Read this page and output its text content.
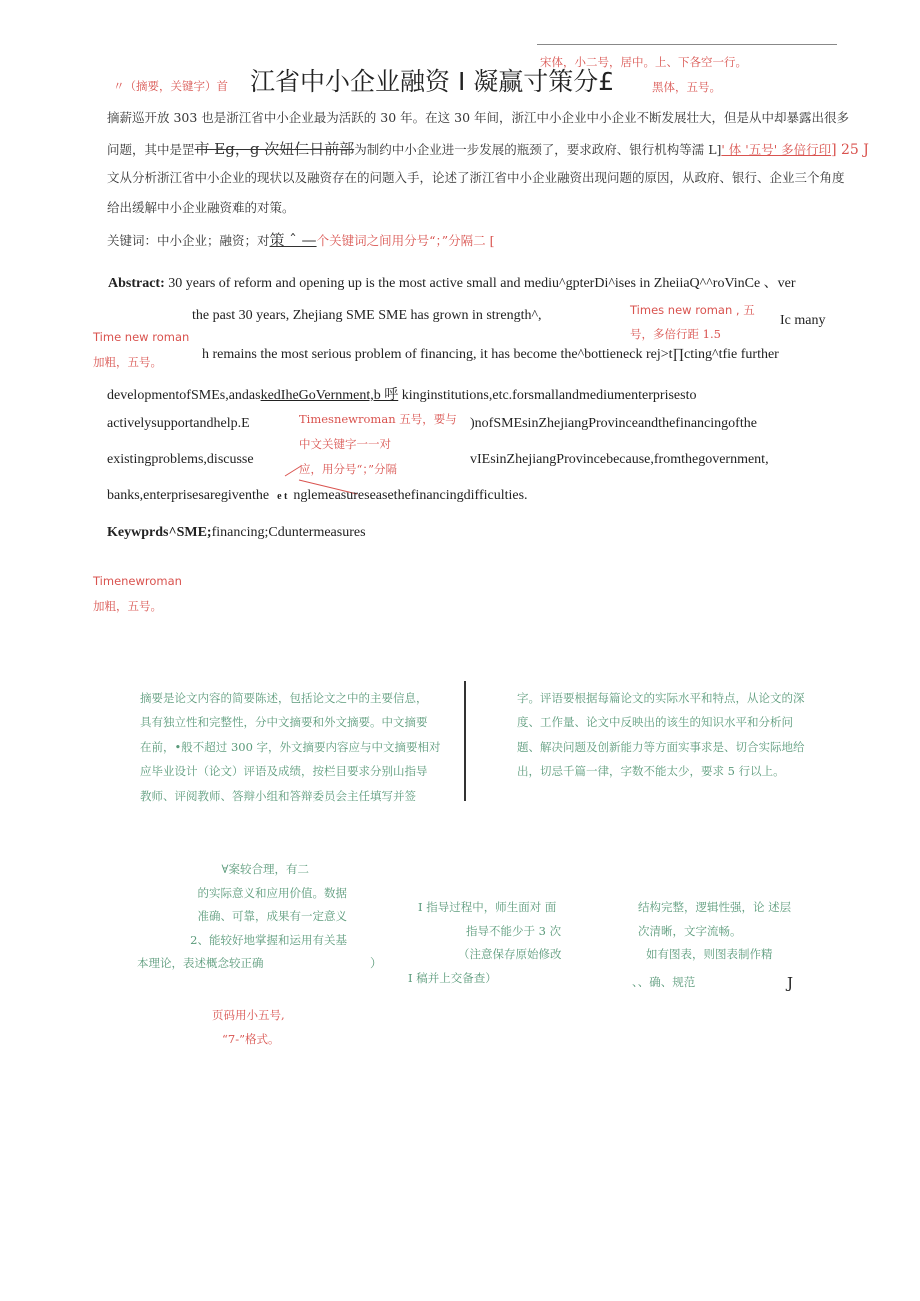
宋体，小二号，居中。上、下各空一行。
〃（摘要，关键字）首 江省中小企业融资 I 凝赢寸策分£	黑体，五号。
摘薪巡开放 303 也是浙江省中小企业最为活跃的 30 年。在这 30 年间，浙江中小企业中小企业不断发展壮大，但是从中却暴露出很多
问题，其中是罡市 Eg，g 次妞仁日前部为制约中小企业进一步发展的瓶颈了，要求政府、银行机构等濡 L]' 体 '五号' 多倍行印] 25 J
文从分析浙江省中小企业的现状以及融资存在的问题入手，论述了浙江省中小企业融资出现问题的原因，从政府、银行、企业三个角度
给出缓解中小企业融资难的对策。
关键词：中小企业；融资；对策 ˆ —个关键词之间用分号“；”分隔二 [
Abstract: 30 years of reform and opening up is the most active small and mediu^gpterDi^ises in ZheiiaQ^^roVinCe 、ver
the past 30 years, Zhejiang SME SME has grown in strength^,	Times new roman , 五
号，多倍行距 1.5
Ic many
Time new roman
加粗，五号。	h remains the most serious problem of financing, it has become the^bottieneck rej>t∏cting^tfie further
developmentofSMEs,andaskedIheGoVernment,b 呼 kinginstitutions,etc.forsmallandmediumenterprisesto
activelysupportandhelp.E	Timesnewroman 五号，要与
中文关键字一一对
应，用分号“；”分隔
)nofSMEsinZhejiangProvinceandthefinancingofthe
existingproblems,discusse	vIEsinZhejiangProvincebecause,fromthegovernment,
banks,enterprisesaregiventhe e t nglemeasureseasethefinancingdifficulties.
Keywprds^SME;financing;Cduntermeasures
Timenewroman
加粗，五号。
摘要是论文内容的简要陈述，包括论文之中的主要信息，
具有独立性和完整性，分中文摘要和外文摘要。中文摘要
在前，•般不超过 300 字，外文摘要内容应与中文摘要相对
应毕业设计（论文）评语及成绩，按栏目要求分别山指导
教师、评阅教师、答辩小组和答辩委员会主任填写并签
字。评语要根据每篇论文的实际水平和特点，从论文的深
度、工作量、论文中反映出的该生的知识水平和分析问
题、解决问题及创新能力等方面实事求是、切合实际地给
出，切忌千篇一律，字数不能太少，要求 5 行以上。
∀案较合理，有二
的实际意义和应用价值。数据
准确、可靠，成果有一定意义
2、能较好地掌握和运用有关基
本理论，表述概念较正确	）
I 指导过程中，师生面对 面
指导不能少于 3 次
（注意保存原始修改
I 稿并上交备查）
结构完整，逻辑性强，论 述层
次清晰，文字流畅。
如有图表，则图表制作精
、、确、规范	J
页码用小五号,
“7-”格式。
